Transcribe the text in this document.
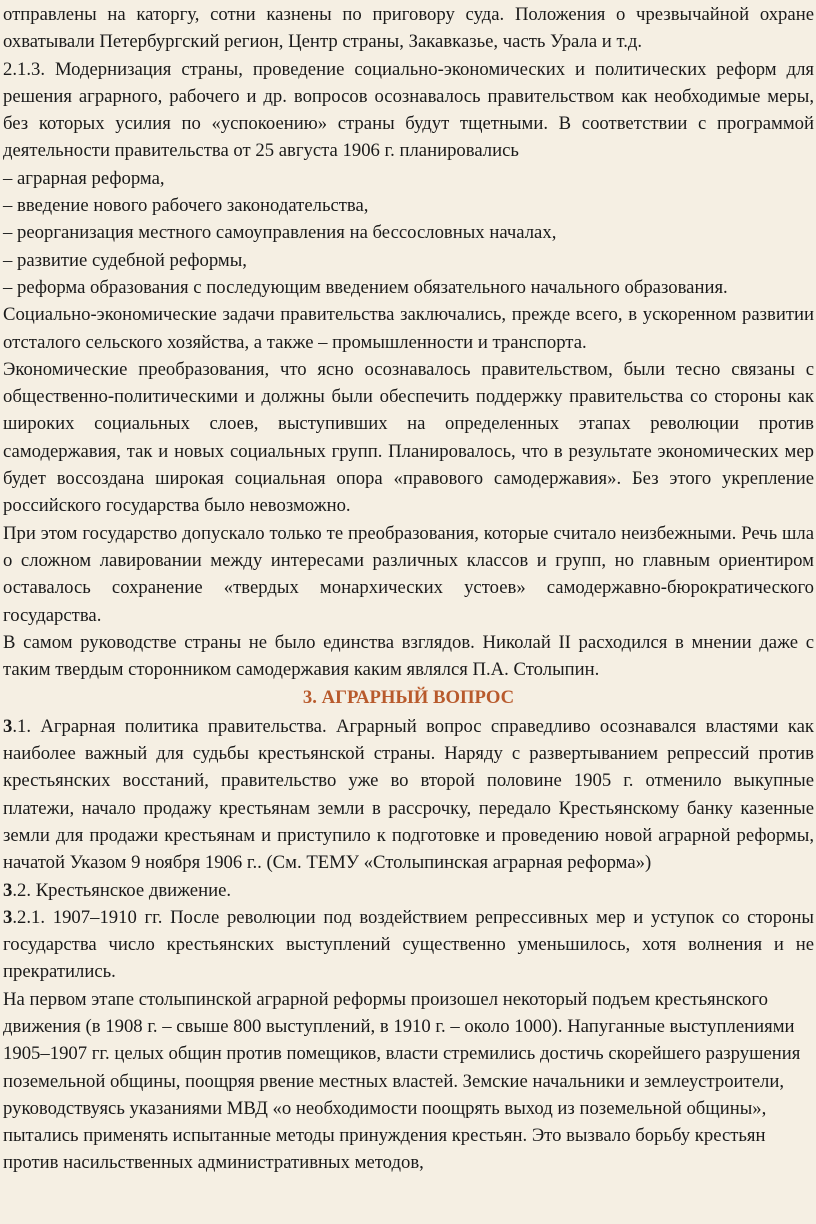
отправлены на каторгу, сотни казнены по приговору суда. Положения о чрезвычайной охране охватывали Петербургский регион, Центр страны, Закавказье, часть Урала и т.д.

2.1.3. Модернизация страны, проведение социально-экономических и политических реформ для решения аграрного, рабочего и др. вопросов осознавалось правительством как необходимые меры, без которых усилия по «успокоению» страны будут тщетными. В соответствии с программой деятельности правительства от 25 августа 1906 г. планировались

– аграрная реформа,

– введение нового рабочего законодательства,

– реорганизация местного самоуправления на бессословных началах,

– развитие судебной реформы,

– реформа образования с последующим введением обязательного начального образования.

Социально-экономические задачи правительства заключались, прежде всего, в ускоренном развитии отсталого сельского хозяйства, а также – промышленности и транспорта.

Экономические преобразования, что ясно осознавалось правительством, были тесно связаны с общественно-политическими и должны были обеспечить поддержку правительства со стороны как широких социальных слоев, выступивших на определенных этапах революции против самодержавия, так и новых социальных групп. Планировалось, что в результате экономических мер будет воссоздана широкая социальная опора «правового самодержавия». Без этого укрепление российского государства было невозможно.

При этом государство допускало только те преобразования, которые считало неизбежными. Речь шла о сложном лавировании между интересами различных классов и групп, но главным ориентиром оставалось сохранение «твердых монархических устоев» самодержавно-бюрократического государства.

В самом руководстве страны не было единства взглядов. Николай II расходился в мнении даже с таким твердым сторонником самодержавия каким являлся П.А. Столыпин.

3. АГРАРНЫЙ ВОПРОС

3.1. Аграрная политика правительства. Аграрный вопрос справедливо осознавался властями как наиболее важный для судьбы крестьянской страны. Наряду с развертыванием репрессий против крестьянских восстаний, правительство уже во второй половине 1905 г. отменило выкупные платежи, начало продажу крестьянам земли в рассрочку, передало Крестьянскому банку казенные земли для продажи крестьянам и приступило к подготовке и проведению новой аграрной реформы, начатой Указом 9 ноября 1906 г.. (См. ТЕМУ «Столыпинская аграрная реформа»)

3.2. Крестьянское движение.

3.2.1. 1907–1910 гг. После революции под воздействием репрессивных мер и уступок со стороны государства число крестьянских выступлений существенно уменьшилось, хотя волнения и не прекратились.

На первом этапе столыпинской аграрной реформы произошел некоторый подъем крестьянского движения (в 1908 г. – свыше 800 выступлений, в 1910 г. – около 1000). Напуганные выступлениями 1905–1907 гг. целых общин против помещиков, власти стремились достичь скорейшего разрушения поземельной общины, поощряя рвение местных властей. Земские начальники и землеустроители, руководствуясь указаниями МВД «о необходимости поощрять выход из поземельной общины», пытались применять испытанные методы принуждения крестьян. Это вызвало борьбу крестьян против насильственных административных методов,
